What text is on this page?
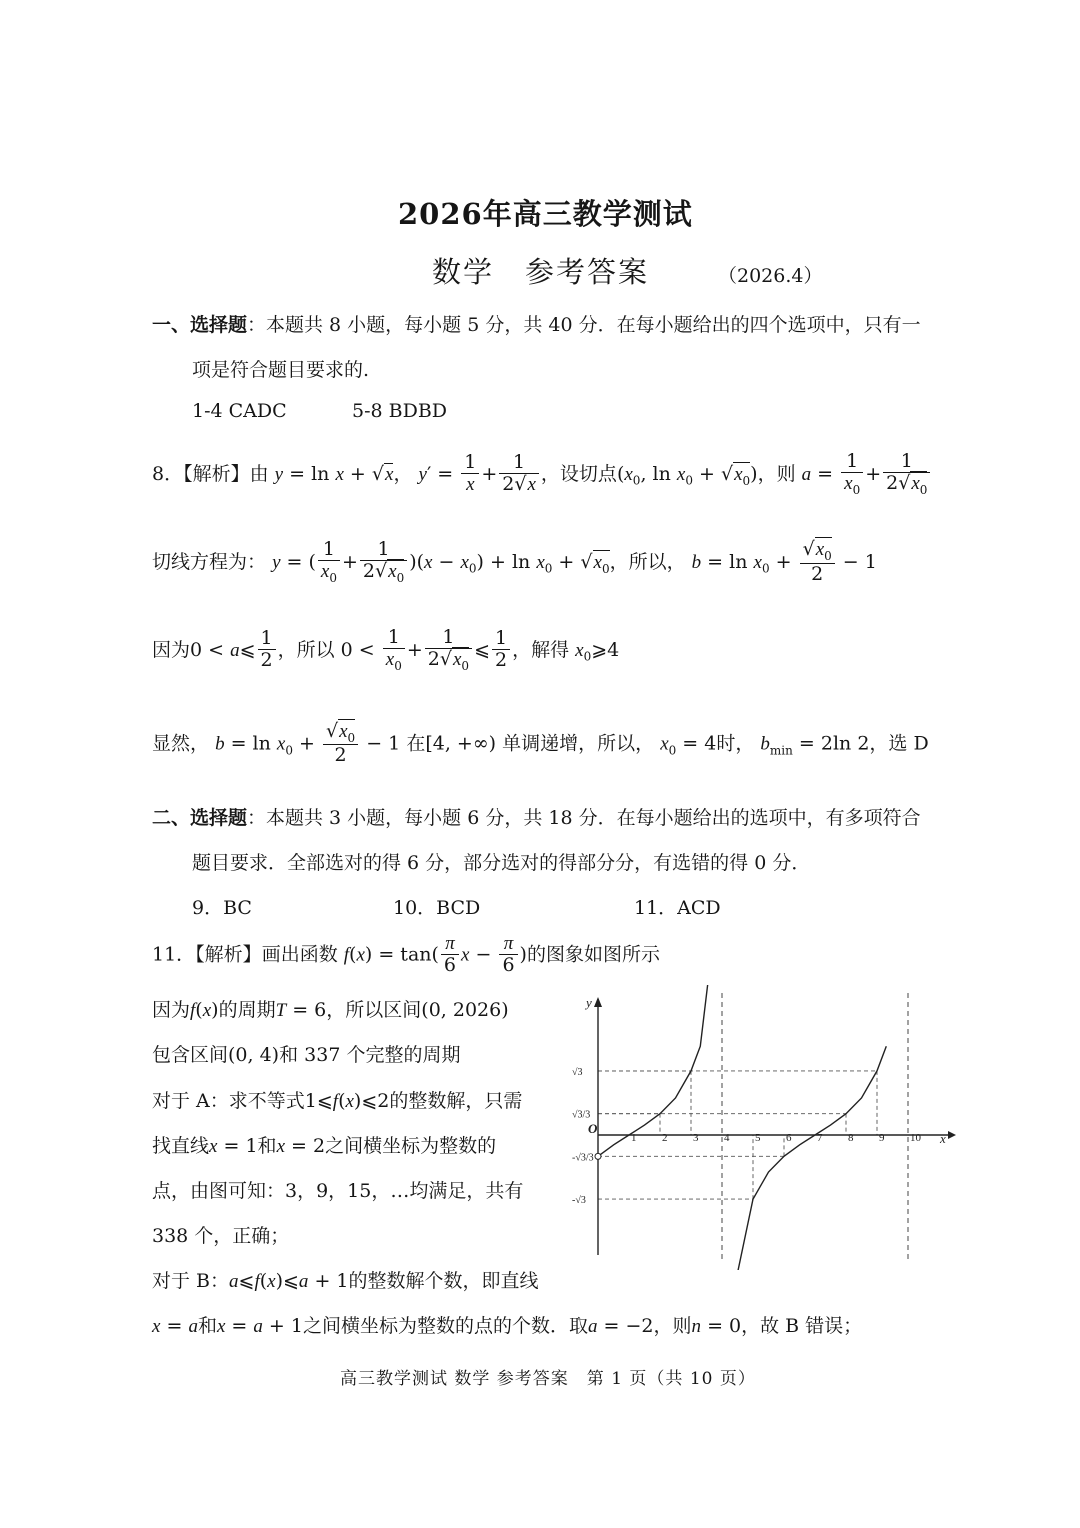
2026年高三教学测试
数学　参考答案	（2026.4）
一、选择题：本题共 8 小题，每小题 5 分，共 40 分．在每小题给出的四个选项中，只有一
项是符合题目要求的.
1-4 CADC	5-8 BDBD
8．【解析】由 y = ln x + √x， $y' = \frac{1}{x} + \frac{1}{2√x}$ ，设切点($x_0$, $\ln x_0 + √x_0$)，则 $a = \frac{1}{x_0} + \frac{1}{2√x_0}$
切线方程为： y = ( $\frac{1}{x_0} + \frac{1}{2√x_0} )(x - x_0) + \ln x_0 + √x_0$，所以， $b = \ln x_0 + \frac{√x_0}{2} - 1$
因为0 < a⩽ $\frac{1}{2}$ ，所以 $0 < \frac{1}{x_0} + \frac{1}{2√x_0}$ ⩽ $\frac{1}{2}$ ，解得 $x_0⩾4$
显然， $b = \ln x_0 + \frac{√x_0}{2} - 1$ 在[4, +∞) 单调递增，所以， $x_0 = 4$时， $b_{min} = 2\ln$ 2，选 D
二、选择题：本题共 3 小题，每小题 6 分，共 18 分．在每小题给出的选项中，有多项符合
题目要求．全部选对的得 6 分，部分选对的得部分分，有选错的得 0 分．
9．BC	10．BCD	11．ACD
11．【解析】画出函数 $f(x) = \tan( \frac{\pi}{6}$ $x - \frac{\pi}{6}$ )的图象如图所示
因为f(x)的周期T = 6，所以区间(0, 2026)
包含区间(0, 4)和 337 个完整的周期
对于 A：求不等式1⩽f(x)⩽2的整数解，只需
找直线x = 1和x = 2之间横坐标为整数的
点，由图可知：3，9，15，…均满足，共有
338 个，正确；
对于 B：a⩽f(x)⩽a + 1的整数解个数，即直线
x = a和x = a + 1之间横坐标为整数的点的个数．取a = −2，则n = 0，故 B 错误；
1 2 3 4 5 6 7 8 9 10
√3
√3/3
-√3/3
-√3
x
y
O
高三教学测试 数学 参考答案　第 1 页（共 10 页）
